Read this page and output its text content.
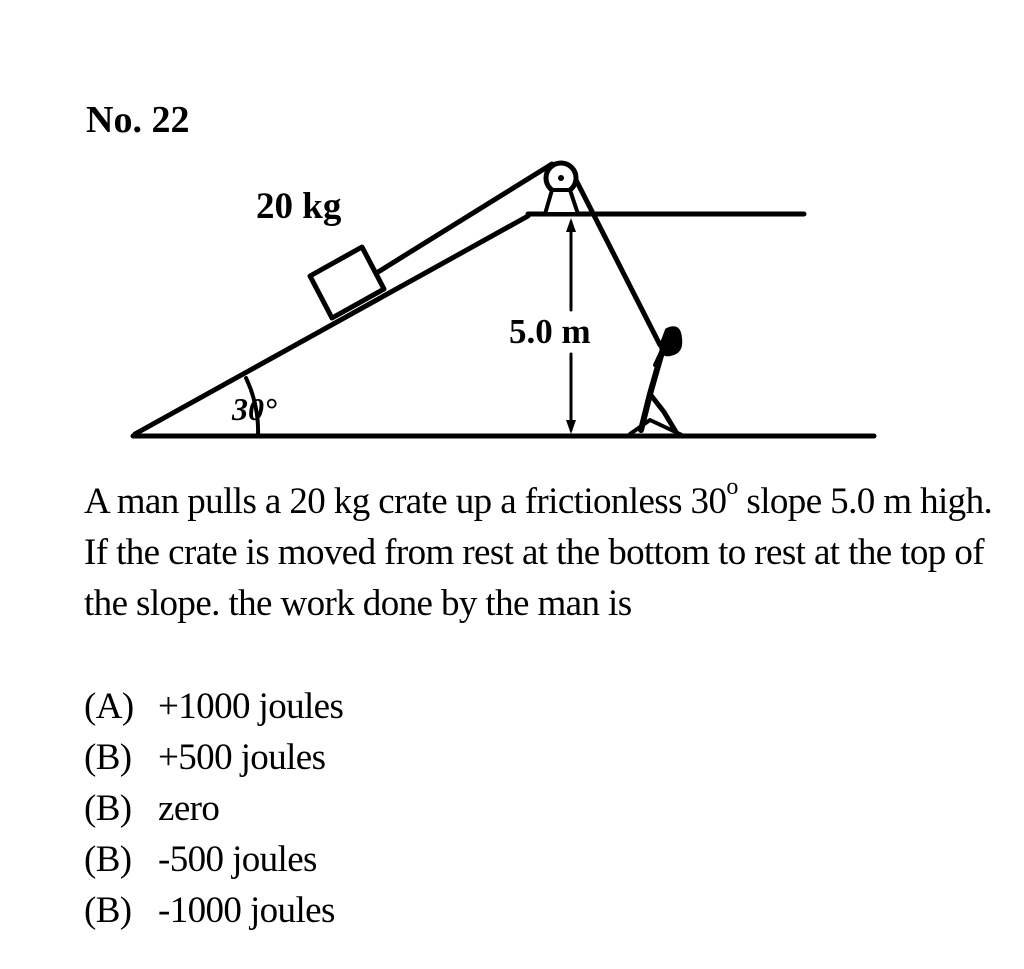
No. 22
20 kg
5.0 m
30°

A man pulls a 20 kg crate up a frictionless 30$^o$ slope 5.0 m high. If the crate is moved from rest at the bottom to rest at the top of the slope. the work done by the man is

(A) +1000 joules
(B) +500 joules
(B) zero
(B) -500 joules
(B) -1000 joules
